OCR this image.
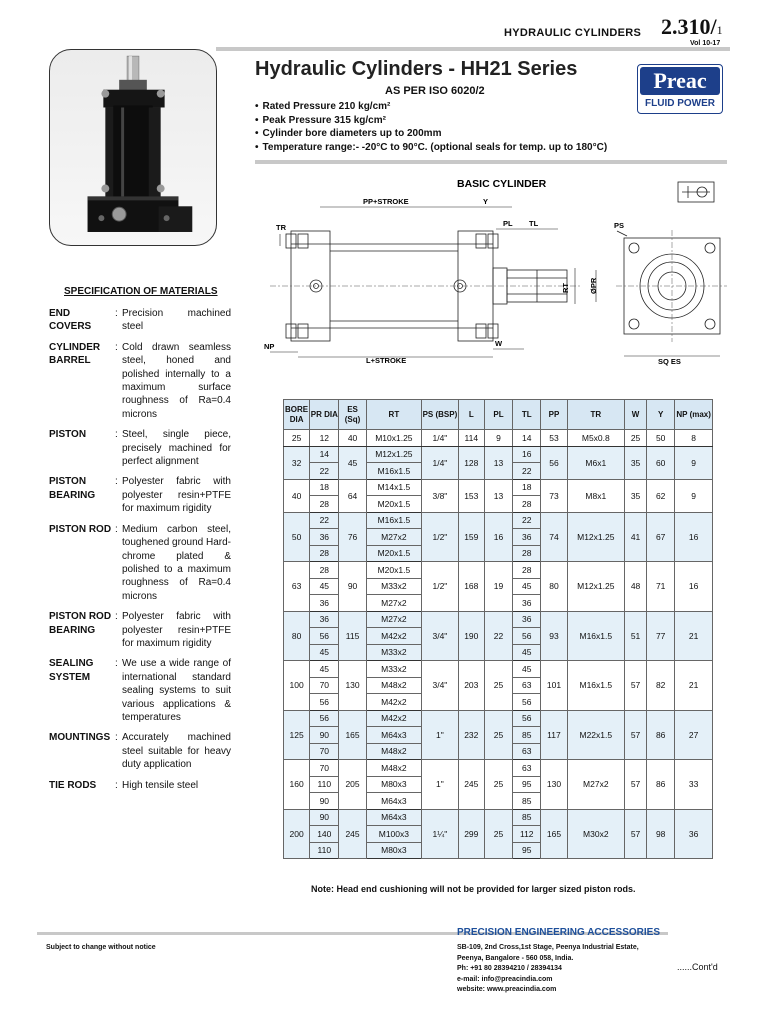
HYDRAULIC CYLINDERS 2.310/1
Vol 10-17
Hydraulic Cylinders - HH21 Series
AS PER ISO 6020/2
• Rated Pressure 210 kg/cm²
• Peak Pressure 315 kg/cm²
• Cylinder bore diameters up to 200mm
• Temperature range:- -20°C to 90°C. (optional seals for temp. up to 180°C)
Preac
FLUID POWER
BASIC CYLINDER
PP+STROKE	Y
PL TL
TR
RT	ØPR
NP	W
L+STROKE
PS
SQ ES
SPECIFICATION OF MATERIALS
END COVERS
: Precision machined steel
CYLINDER BARREL
: Cold drawn seamless steel, honed and polished internally to a maximum surface roughness of Ra=0.4 microns
PISTON	: Steel, single piece, precisely machined for perfect alignment
PISTON BEARING
: Polyester fabric with polyester resin+PTFE for maximum rigidity
PISTON ROD : Medium carbon steel, toughened ground Hard-chrome plated & polished to a maximum roughness of Ra=0.4 microns
PISTON ROD BEARING
: Polyester fabric with polyester resin+PTFE for maximum rigidity
SEALING SYSTEM
: We use a wide range of international standard sealing systems to suit various applications & temperatures
MOUNTINGS : Accurately machined steel suitable for heavy duty application
TIE RODS	: High tensile steel
BORE DIA	PR DIA	ES (Sq)	RT	PS (BSP)	L	PL	TL	PP	TR	W	Y	NP (max)
25	12	40	M10x1.25	1/4"	114	9	14	53	M5x0.8	25	50	8
32	14	45	M12x1.25	1/4"	128	13	16	56	M6x1	35	60	9
	22		M16x1.5				22					
40	18	64	M14x1.5	3/8"	153	13	18	73	M8x1	35	62	9
	28		M20x1.5				28					
50	22	76	M16x1.5	1/2"	159	16	22	74	M12x1.25	41	67	16
	36		M27x2				36					
	28		M20x1.5				28					
63	28	90	M20x1.5	1/2"	168	19	28	80	M12x1.25	48	71	16
	45		M33x2				45					
	36		M27x2				36					
80	36	115	M27x2	3/4"	190	22	36	93	M16x1.5	51	77	21
	56		M42x2				56					
	45		M33x2				45					
100	45	130	M33x2	3/4"	203	25	45	101	M16x1.5	57	82	21
	70		M48x2				63					
	56		M42x2				56					
125	56	165	M42x2	1"	232	25	56	117	M22x1.5	57	86	27
	90		M64x3				85					
	70		M48x2				63					
160	70	205	M48x2	1"	245	25	63	130	M27x2	57	86	33
	110		M80x3				95					
	90		M64x3				85					
200	90	245	M64x3	1¼"	299	25	85	165	M30x2	57	98	36
	140		M100x3				112					
	110		M80x3				95					
Note: Head end cushioning will not be provided for larger sized piston rods.
PRECISION ENGINEERING ACCESSORIES
SB-109, 2nd Cross,1st Stage, Peenya Industrial Estate,
Peenya, Bangalore - 560 058, India.
Ph: +91 80 28394210 / 28394134
e-mail: info@preacindia.com
website: www.preacindia.com
Subject to change without notice
......Cont'd
